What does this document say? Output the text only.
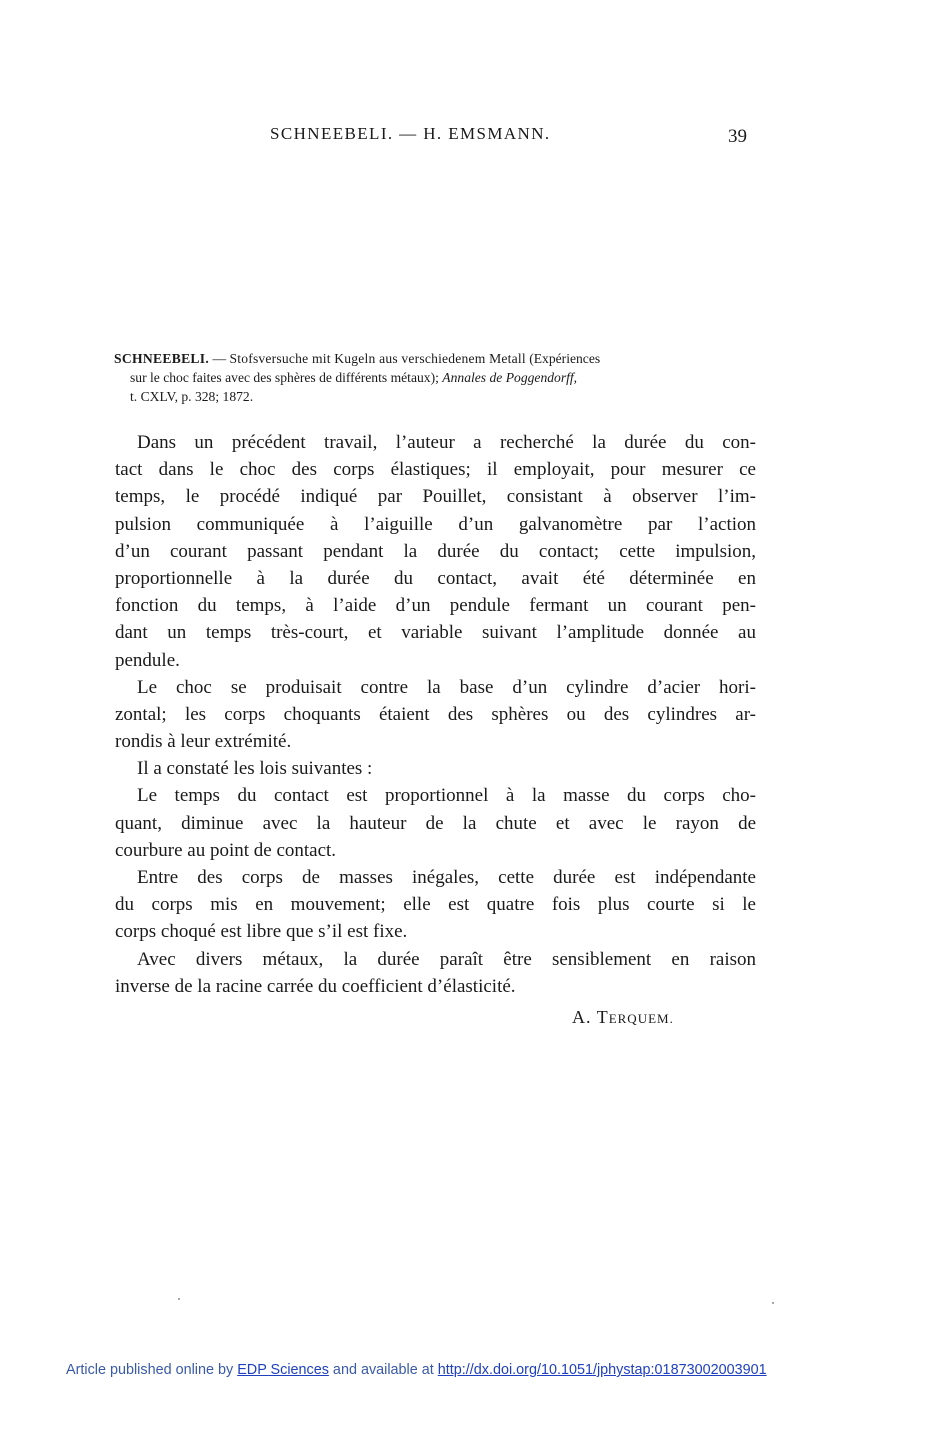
SCHNEEBELI. — H. EMSMANN.	39
SCHNEEBELI. — Stofsversuche mit Kugeln aus verschiedenem Metall (Expériences
sur le choc faites avec des sphères de différents métaux); Annales de Poggendorff,
t. CXLV, p. 328; 1872.
Dans un précédent travail, l’auteur a recherché la durée du con-
tact dans le choc des corps élastiques; il employait, pour mesurer ce
temps, le procédé indiqué par Pouillet, consistant à observer l’im-
pulsion communiquée à l’aiguille d’un galvanomètre par l’action
d’un courant passant pendant la durée du contact; cette impulsion,
proportionnelle à la durée du contact, avait été déterminée en
fonction du temps, à l’aide d’un pendule fermant un courant pen-
dant un temps très-court, et variable suivant l’amplitude donnée au
pendule.
Le choc se produisait contre la base d’un cylindre d’acier hori-
zontal; les corps choquants étaient des sphères ou des cylindres ar-
rondis à leur extrémité.
Il a constaté les lois suivantes :
Le temps du contact est proportionnel à la masse du corps cho-
quant, diminue avec la hauteur de la chute et avec le rayon de
courbure au point de contact.
Entre des corps de masses inégales, cette durée est indépendante
du corps mis en mouvement; elle est quatre fois plus courte si le
corps choqué est libre que s’il est fixe.
Avec divers métaux, la durée paraît être sensiblement en raison
inverse de la racine carrée du coefficient d’élasticité.
A. TERQUEM.
Article published online by EDP Sciences and available at http://dx.doi.org/10.1051/jphystap:01873002003901
